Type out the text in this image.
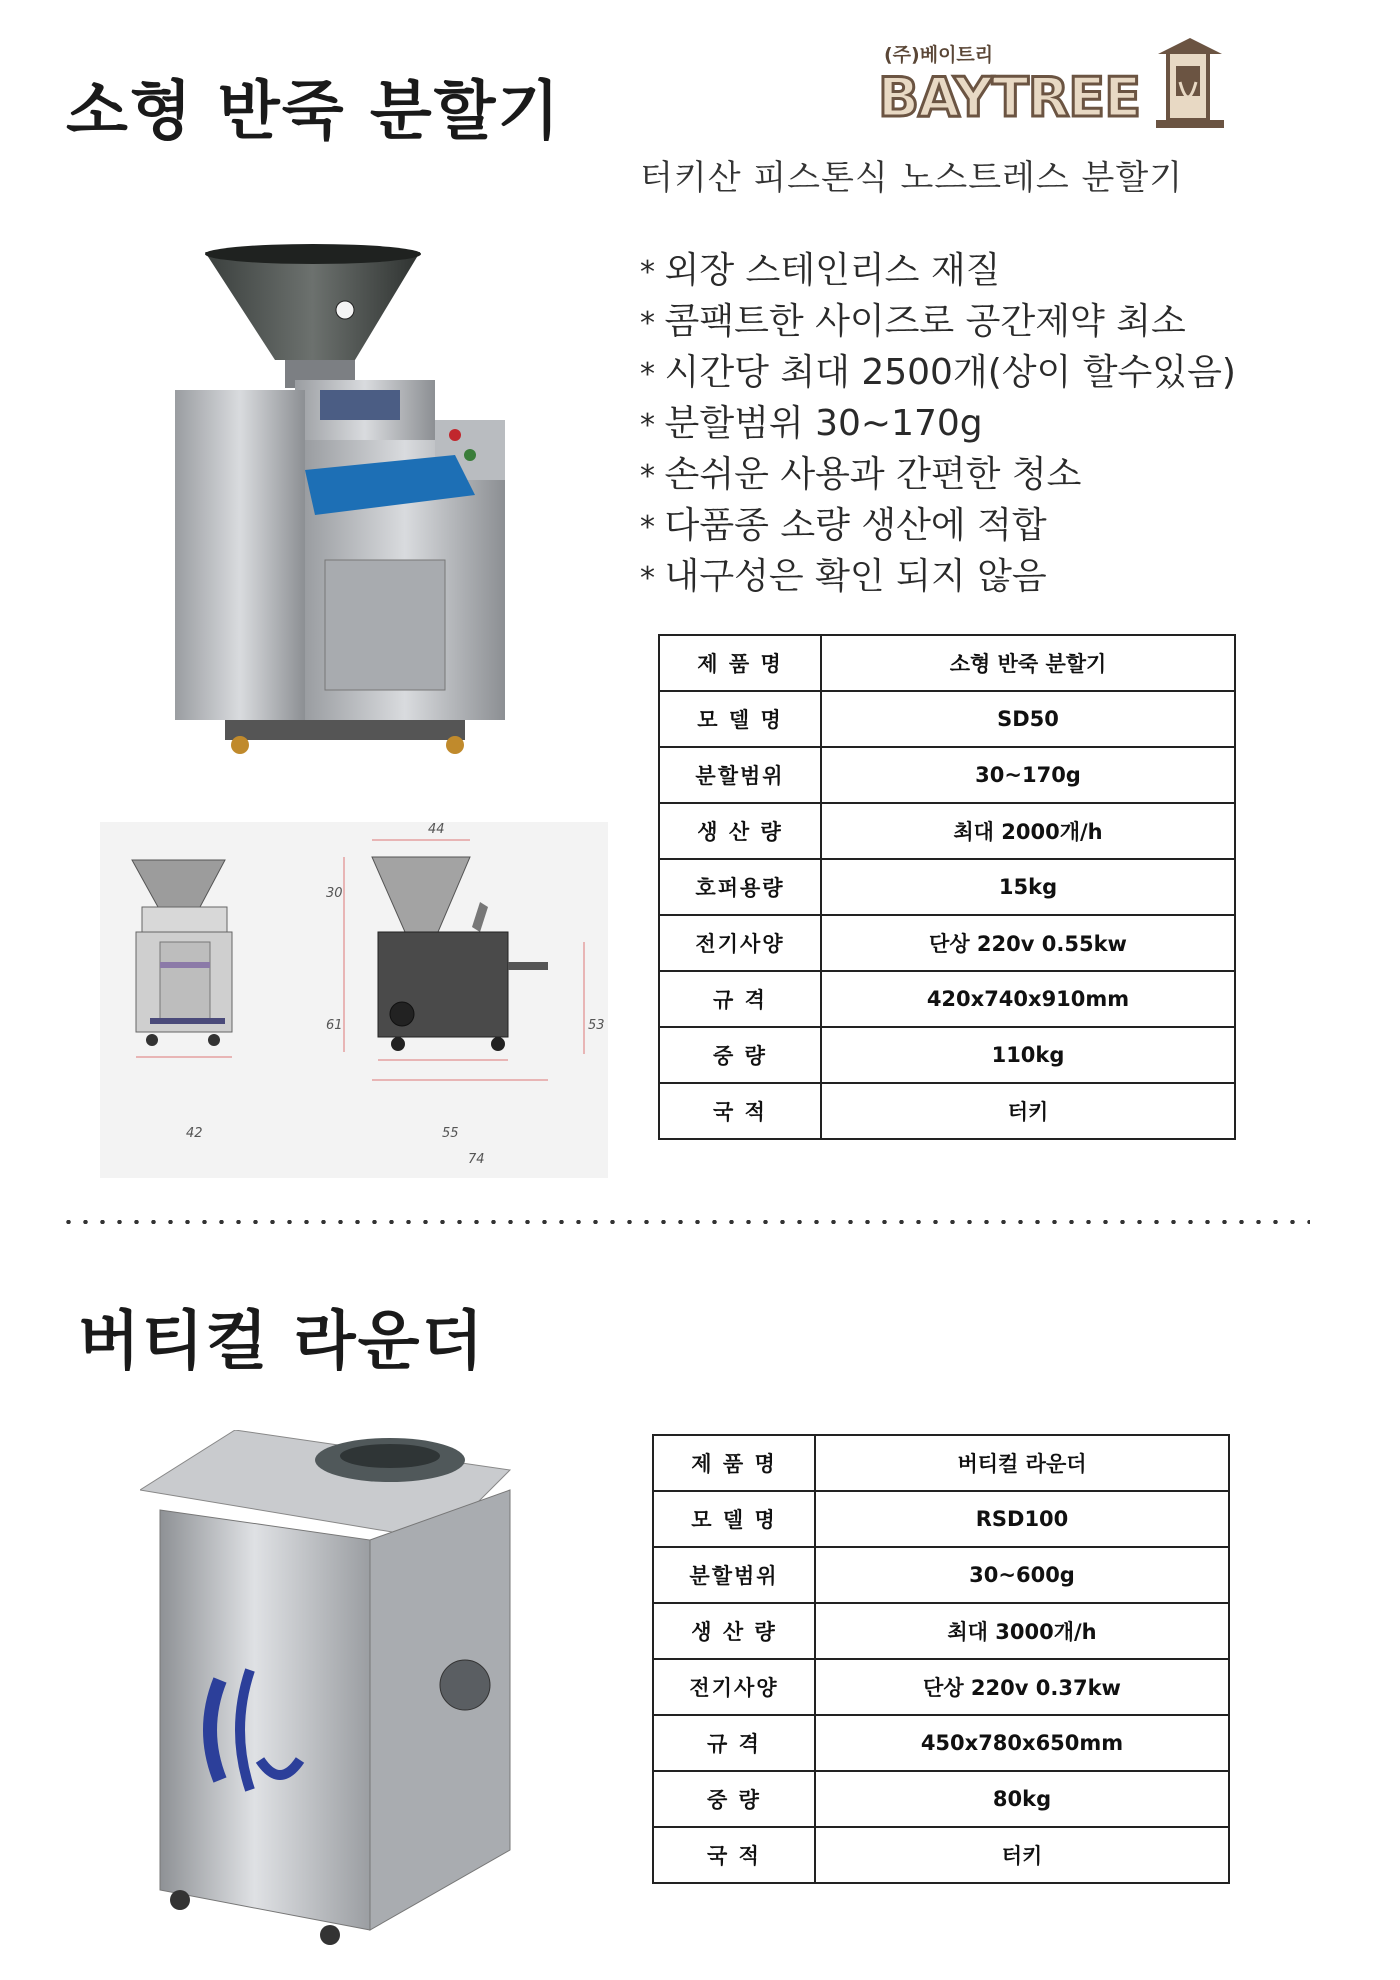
소형 반죽 분할기
(주)베이트리
BAYTREE
터키산 피스톤식 노스트레스 분할기
* 외장 스테인리스 재질
* 콤팩트한 사이즈로 공간제약 최소
* 시간당 최대 2500개(상이 할수있음)
* 분할범위 30~170g
* 손쉬운 사용과 간편한 청소
* 다품종 소량 생산에 적합
* 내구성은 확인 되지 않음
44
30
61	53
42	55
74
제 품 명	소형 반죽 분할기
모 델 명	SD50
분할범위	30~170g
생 산 량	최대 2000개/h
호퍼용량	15kg
전기사양	단상 220v 0.55kw
규 격	420x740x910mm
중 량	110kg
국 적	터키
버티컬 라운더
제 품 명	버티컬 라운더
모 델 명	RSD100
분할범위	30~600g
생 산 량	최대 3000개/h
전기사양	단상 220v 0.37kw
규 격	450x780x650mm
중 량	80kg
국 적	터키
